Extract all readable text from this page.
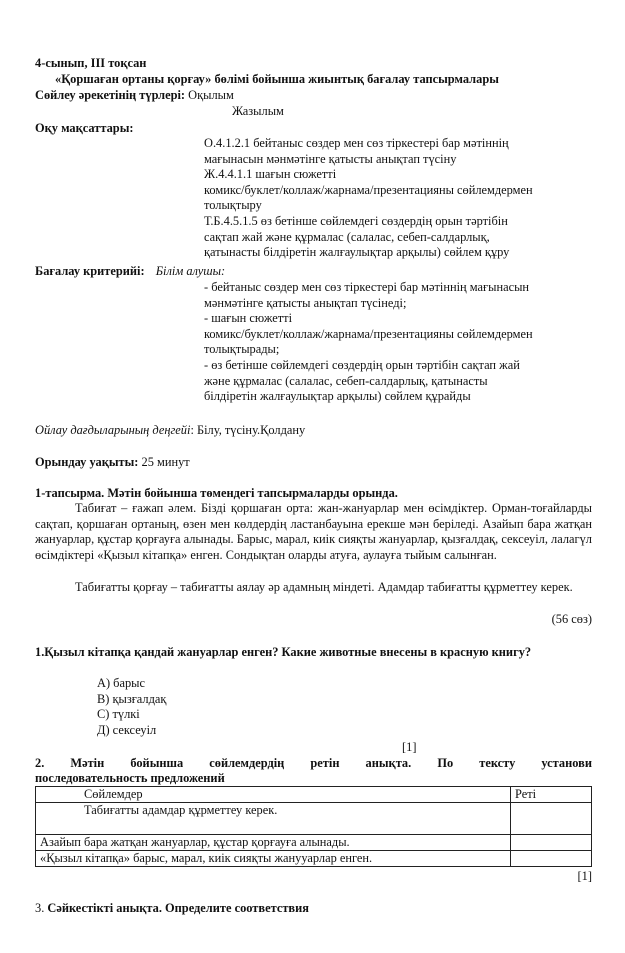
4-сынып, ІІІ тоқсан
«Қоршаған ортаны қорғау» бөлімі бойынша жиынтық бағалау тапсырмалары
Сөйлеу әрекетінің түрлері: Оқылым
Жазылым
Оқу мақсаттары:
О.4.1.2.1 бейтаныс сөздер мен сөз тіркестері бар мәтіннің
мағынасын мәнмәтінге қатысты анықтап түсіну
Ж.4.4.1.1 шағын сюжетті
комикс/буклет/коллаж/жарнама/презентацияны сөйлемдермен
толықтыру
Т.Б.4.5.1.5 өз бетінше сөйлемдегі сөздердің орын тәртібін
сақтап жай және құрмалас (салалас, себеп-салдарлық,
қатынасты білдіретін жалғаулықтар арқылы) сөйлем құру
Бағалау критерийі: Білім алушы:
- бейтаныс сөздер мен сөз тіркестері бар мәтіннің мағынасын
мәнмәтінге қатысты анықтап түсінеді;
- шағын сюжетті
комикс/буклет/коллаж/жарнама/презентацияны сөйлемдермен
толықтырады;
- өз бетінше сөйлемдегі сөздердің орын тәртібін сақтап жай
және құрмалас (салалас, себеп-салдарлық, қатынасты
білдіретін жалғаулықтар арқылы) сөйлем құрайды
Ойлау дағдыларының деңгейі: Білу, түсіну.Қолдану
Орындау уақыты: 25 минут
1-тапсырма. Мәтін бойынша төмендегі тапсырмаларды орында.
Табиғат – ғажап әлем. Бізді қоршаған орта: жан-жануарлар мен өсімдіктер. Орман-тоғайларды сақтап, қоршаған ортаның, өзен мен көлдердің ластанбауына ерекше мән беріледі. Азайып бара жатқан жануарлар, құстар қорғауға алынады. Барыс, марал, киік сияқты жануарлар, қызғалдақ, сексеуіл, лалагүл өсімдіктері «Қызыл кітапқа» енген. Сондықтан оларды атуға, аулауға тыйым салынған.
Табиғатты қорғау – табиғатты аялау әр адамның міндеті. Адамдар табиғатты құрметтеу керек.
(56 сөз)
1.Қызыл кітапқа қандай жануарлар енген? Какие животные внесены в красную книгу?
А) барыс
В) қызғалдақ
С) түлкі
Д) сексеуіл
[1]
2. Мәтін бойынша сөйлемдердің ретін анықта. По тексту установи
последовательность предложений
Сөйлемдер	Реті
Табиғатты адамдар құрметтеу керек.	
Азайып бара жатқан жануарлар, құстар қорғауға алынады.	
«Қызыл кітапқа» барыс, марал, киік сияқты жанууарлар енген.	
[1]
3. Сәйкестікті анықта. Определите соответствия
